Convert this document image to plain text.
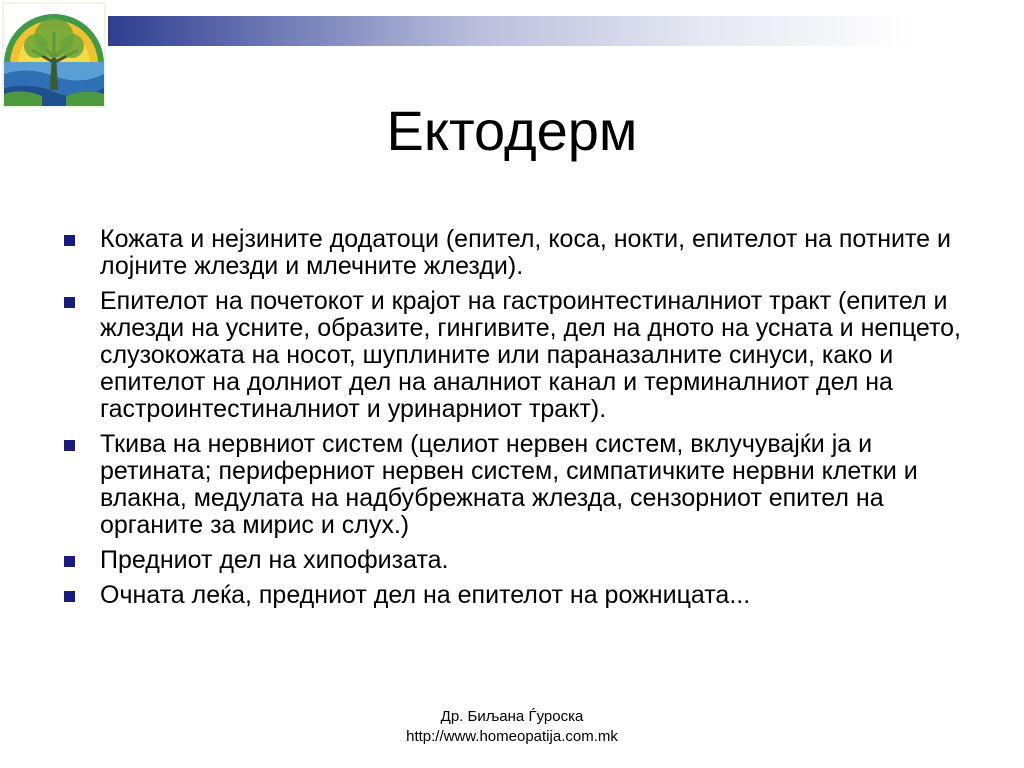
Ектодерм
Кожата и нејзините додатоци (епител, коса, нокти, епителот на потните и лојните жлезди и млечните жлезди).
Епителот на почетокот и крајот на гастроинтестиналниот тракт (епител и жлезди на усните, образите, гингивите, дел на дното на усната и непцето, слузокожата на носот, шуплините или параназалните синуси, како и епителот на долниот дел на аналниот канал и терминалниот дел на гастроинтестиналниот и уринарниот тракт).
Ткива на нервниот систем (целиот нервен систем, вклучувајќи ја и ретината; периферниот нервен систем, симпатичките нервни клетки и влакна, медулата на надбубрежната жлезда, сензорниот епител на органите за мирис и слух.)
Предниот дел на хипофизата.
Очната леќа, предниот дел на епителот на рожницата...
Др. Биљана Ѓуроска
http://www.homeopatija.com.mk
